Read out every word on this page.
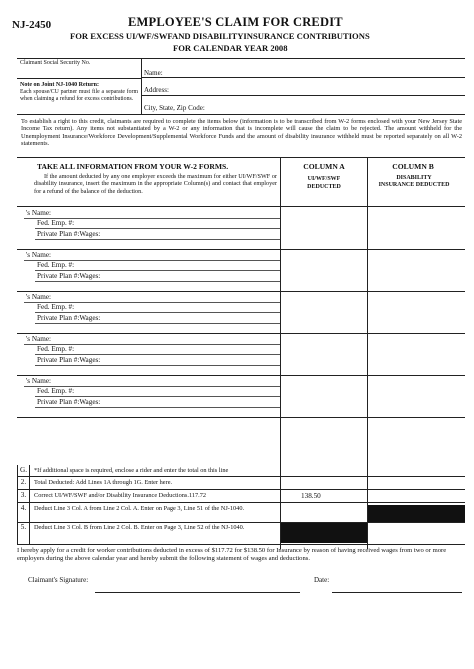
NJ-2450	EMPLOYEE'S CLAIM FOR CREDIT
FOR EXCESS UI/WF/SWFAND DISABILITYINSURANCE CONTRIBUTIONS
FOR CALENDAR YEAR 2008
Claimant Social Security No.
Name:
Address:
City, State, Zip Code:
Note on Joint NJ-1040 Return:
Each spouse/CU partner must file a separate form when claiming a refund for excess contributions.
To establish a right to this credit, claimants are required to complete the items below (information is to be transcribed from W-2 forms enclosed with your New Jersey State Income Tax return). Any items not substantiated by a W-2 or any information that is incomplete will cause the claim to be rejected. The amount withheld for the Unemployment Insurance/Workforce Development/Supplemental Workforce Funds and the amount of disability insurance withheld must be reported separately on all W-2 statements.
TAKE ALL INFORMATION FROM YOUR W-2 FORMS.
If the amount deducted by any one employer exceeds the maximum for either UI/WF/SWF or disability insurance, insert the maximum in the appropriate Column(s) and contact that employer for a refund of the balance of the deduction.
COLUMN A
UI/WF/SWF DEDUCTED
COLUMN B
DISABILITY INSURANCE DEDUCTED
's Name:
Fed. Emp. #:
Private Plan #:Wages:
's Name:
Fed. Emp. #:
Private Plan #:Wages:
's Name:
Fed. Emp. #:
Private Plan #:Wages:
's Name:
Fed. Emp. #:
Private Plan #:Wages:
's Name:
Fed. Emp. #:
Private Plan #:Wages:
G.	*If additional space is required, enclose a rider and enter the total on this line
2.	Total Deducted: Add Lines 1A through 1G. Enter here.
3.	Correct UI/WF/SWF and/or Disability Insurance Deductions.117.72	138.50
4.	Deduct Line 3 Col. A from Line 2 Col. A. Enter on Page 3, Line 51 of the NJ-1040.
5.	Deduct Line 3 Col. B from Line 2 Col. B. Enter on Page 3, Line 52 of the NJ-1040.
I hereby apply for a credit for worker contributions deducted in excess of $117.72 for $138.50 for Insurance by reason of having received wages from two or more employers during the above calendar year and hereby submit the following statement of wages and deductions.
Claimant's Signature:	Date:
